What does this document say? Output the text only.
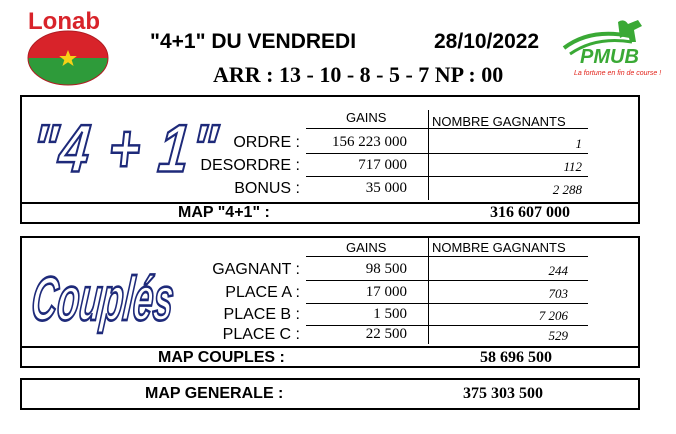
Lonab
"4+1" DU VENDREDI	28/10/2022
ARR : 13 - 10 - 8 - 5 - 7 NP : 00
PMUB
La fortune en fin de course !
"4 + 1"	GAINS	NOMBRE GAGNANTS
ORDRE :	156 223 000	1
DESORDRE :	717 000	112
BONUS :	35 000	2 288
MAP "4+1" :	316 607 000
Couplés
GAINS	NOMBRE GAGNANTS
GAGNANT :	98 500	244
PLACE A :	17 000	703
PLACE B :	1 500	7 206
PLACE C :	22 500	529
MAP COUPLES :	58 696 500
MAP GENERALE :	375 303 500
